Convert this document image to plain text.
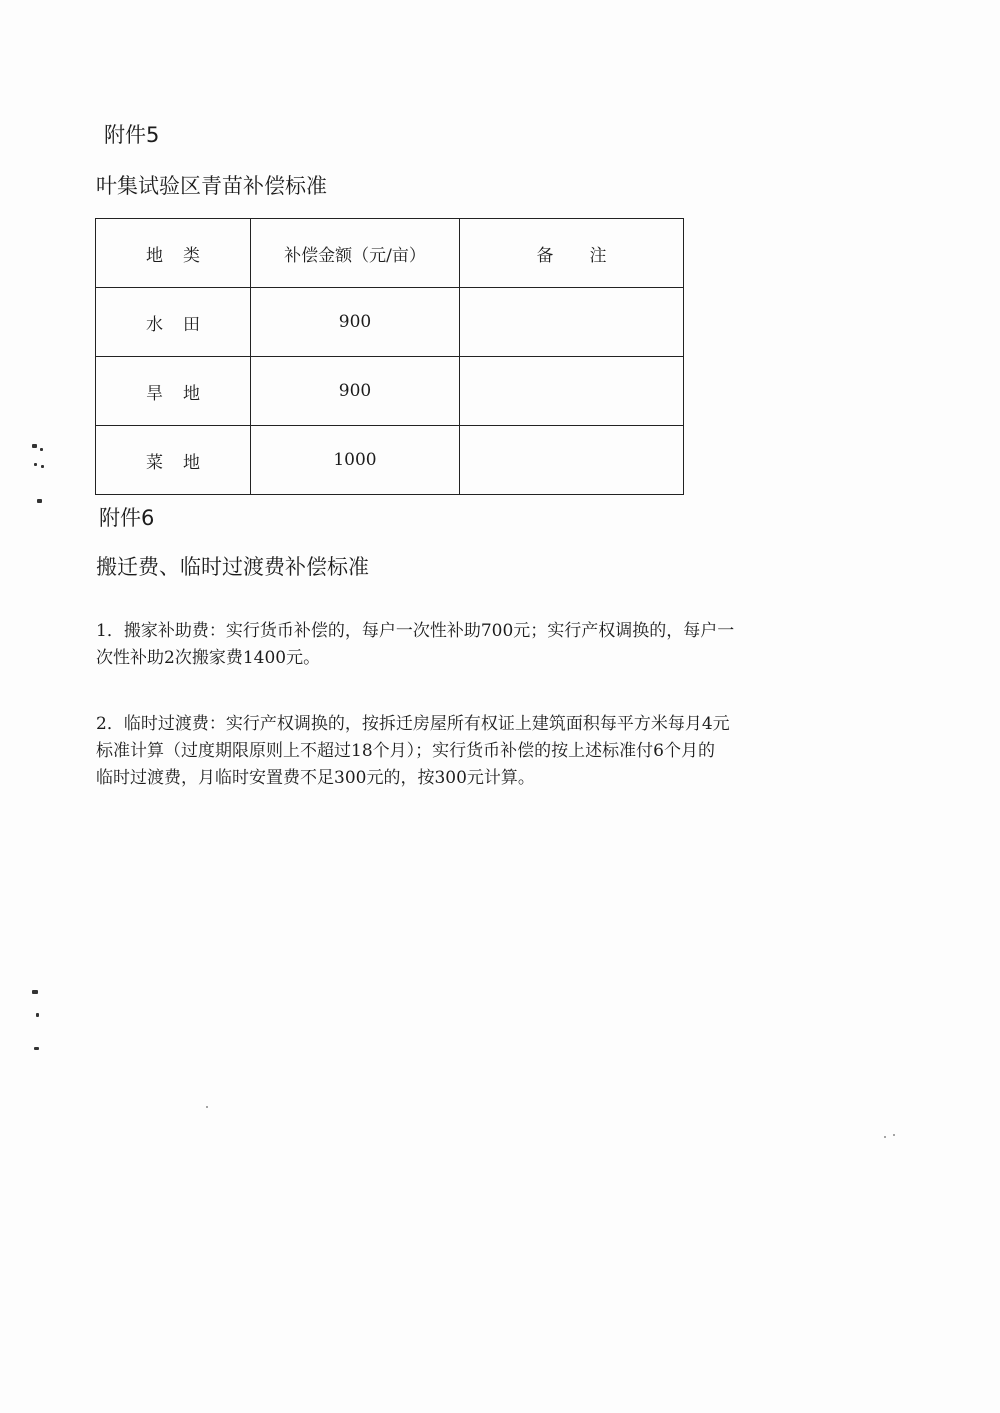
附件5
叶集试验区青苗补偿标准
地 类	补偿金额（元/亩）	备 注
水 田	900	
旱 地	900	
菜 地	1000	
附件6
搬迁费、临时过渡费补偿标准
1．搬家补助费：实行货币补偿的，每户一次性补助700元；实行产权调换的，每户一
次性补助2次搬家费1400元。
2．临时过渡费：实行产权调换的，按拆迁房屋所有权证上建筑面积每平方米每月4元
标准计算（过度期限原则上不超过18个月）；实行货币补偿的按上述标准付6个月的
临时过渡费，月临时安置费不足300元的，按300元计算。
